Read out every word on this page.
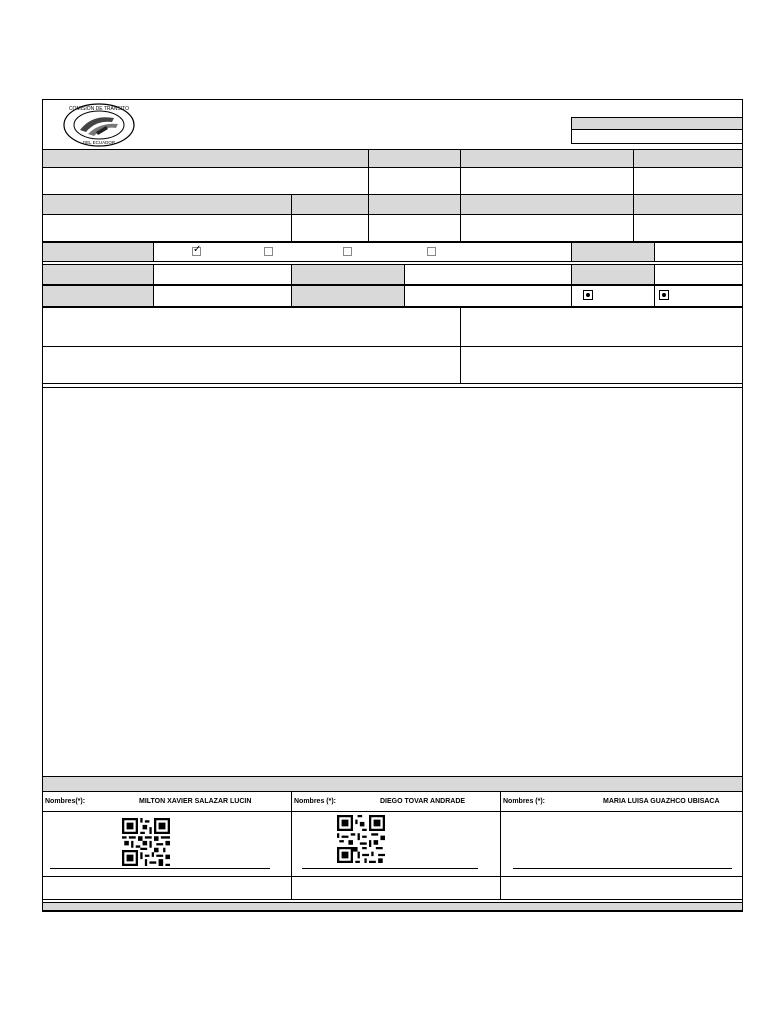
COMISIÓN DE TRÁNSITO
DEL ECUADOR
✓
Nombres(*):	MILTON XAVIER SALAZAR LUCIN	Nombres (*):	DIEGO TOVAR ANDRADE	Nombres (*):	MARIA LUISA GUAZHCO UBISACA
